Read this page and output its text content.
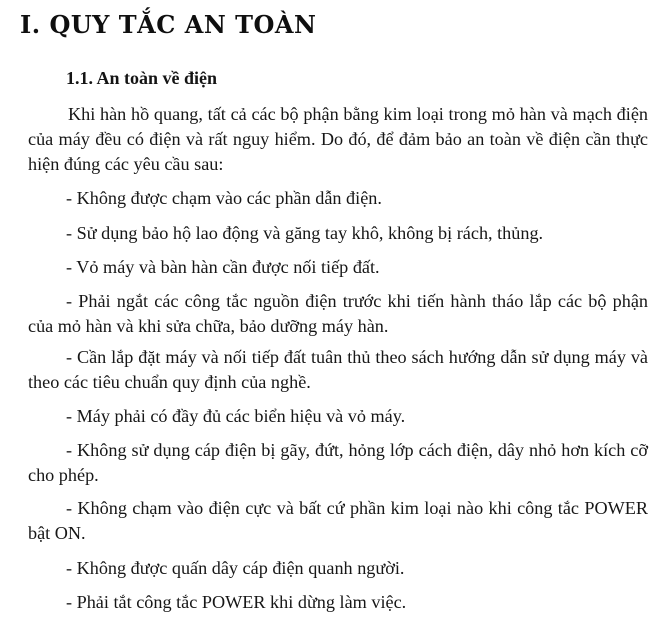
I. QUY TẮC AN TOÀN
1.1. An toàn về điện

Khi hàn hồ quang, tất cả các bộ phận bằng kim loại trong mỏ hàn và mạch điện của máy đều có điện và rất nguy hiểm. Do đó, để đảm bảo an toàn về điện cần thực hiện đúng các yêu cầu sau:

- Không được chạm vào các phần dẫn điện.

- Sử dụng bảo hộ lao động và găng tay khô, không bị rách, thủng.

- Vỏ máy và bàn hàn cần được nối tiếp đất.

- Phải ngắt các công tắc nguồn điện trước khi tiến hành tháo lắp các bộ phận của mỏ hàn và khi sửa chữa, bảo dưỡng máy hàn.

- Cần lắp đặt máy và nối tiếp đất tuân thủ theo sách hướng dẫn sử dụng máy và theo các tiêu chuẩn quy định của nghề.

- Máy phải có đầy đủ các biển hiệu và vỏ máy.

- Không sử dụng cáp điện bị gãy, đứt, hỏng lớp cách điện, dây nhỏ hơn kích cỡ cho phép.

- Không chạm vào điện cực và bất cứ phần kim loại nào khi công tắc POWER bật ON.

- Không được quấn dây cáp điện quanh người.

- Phải tắt công tắc POWER khi dừng làm việc.
